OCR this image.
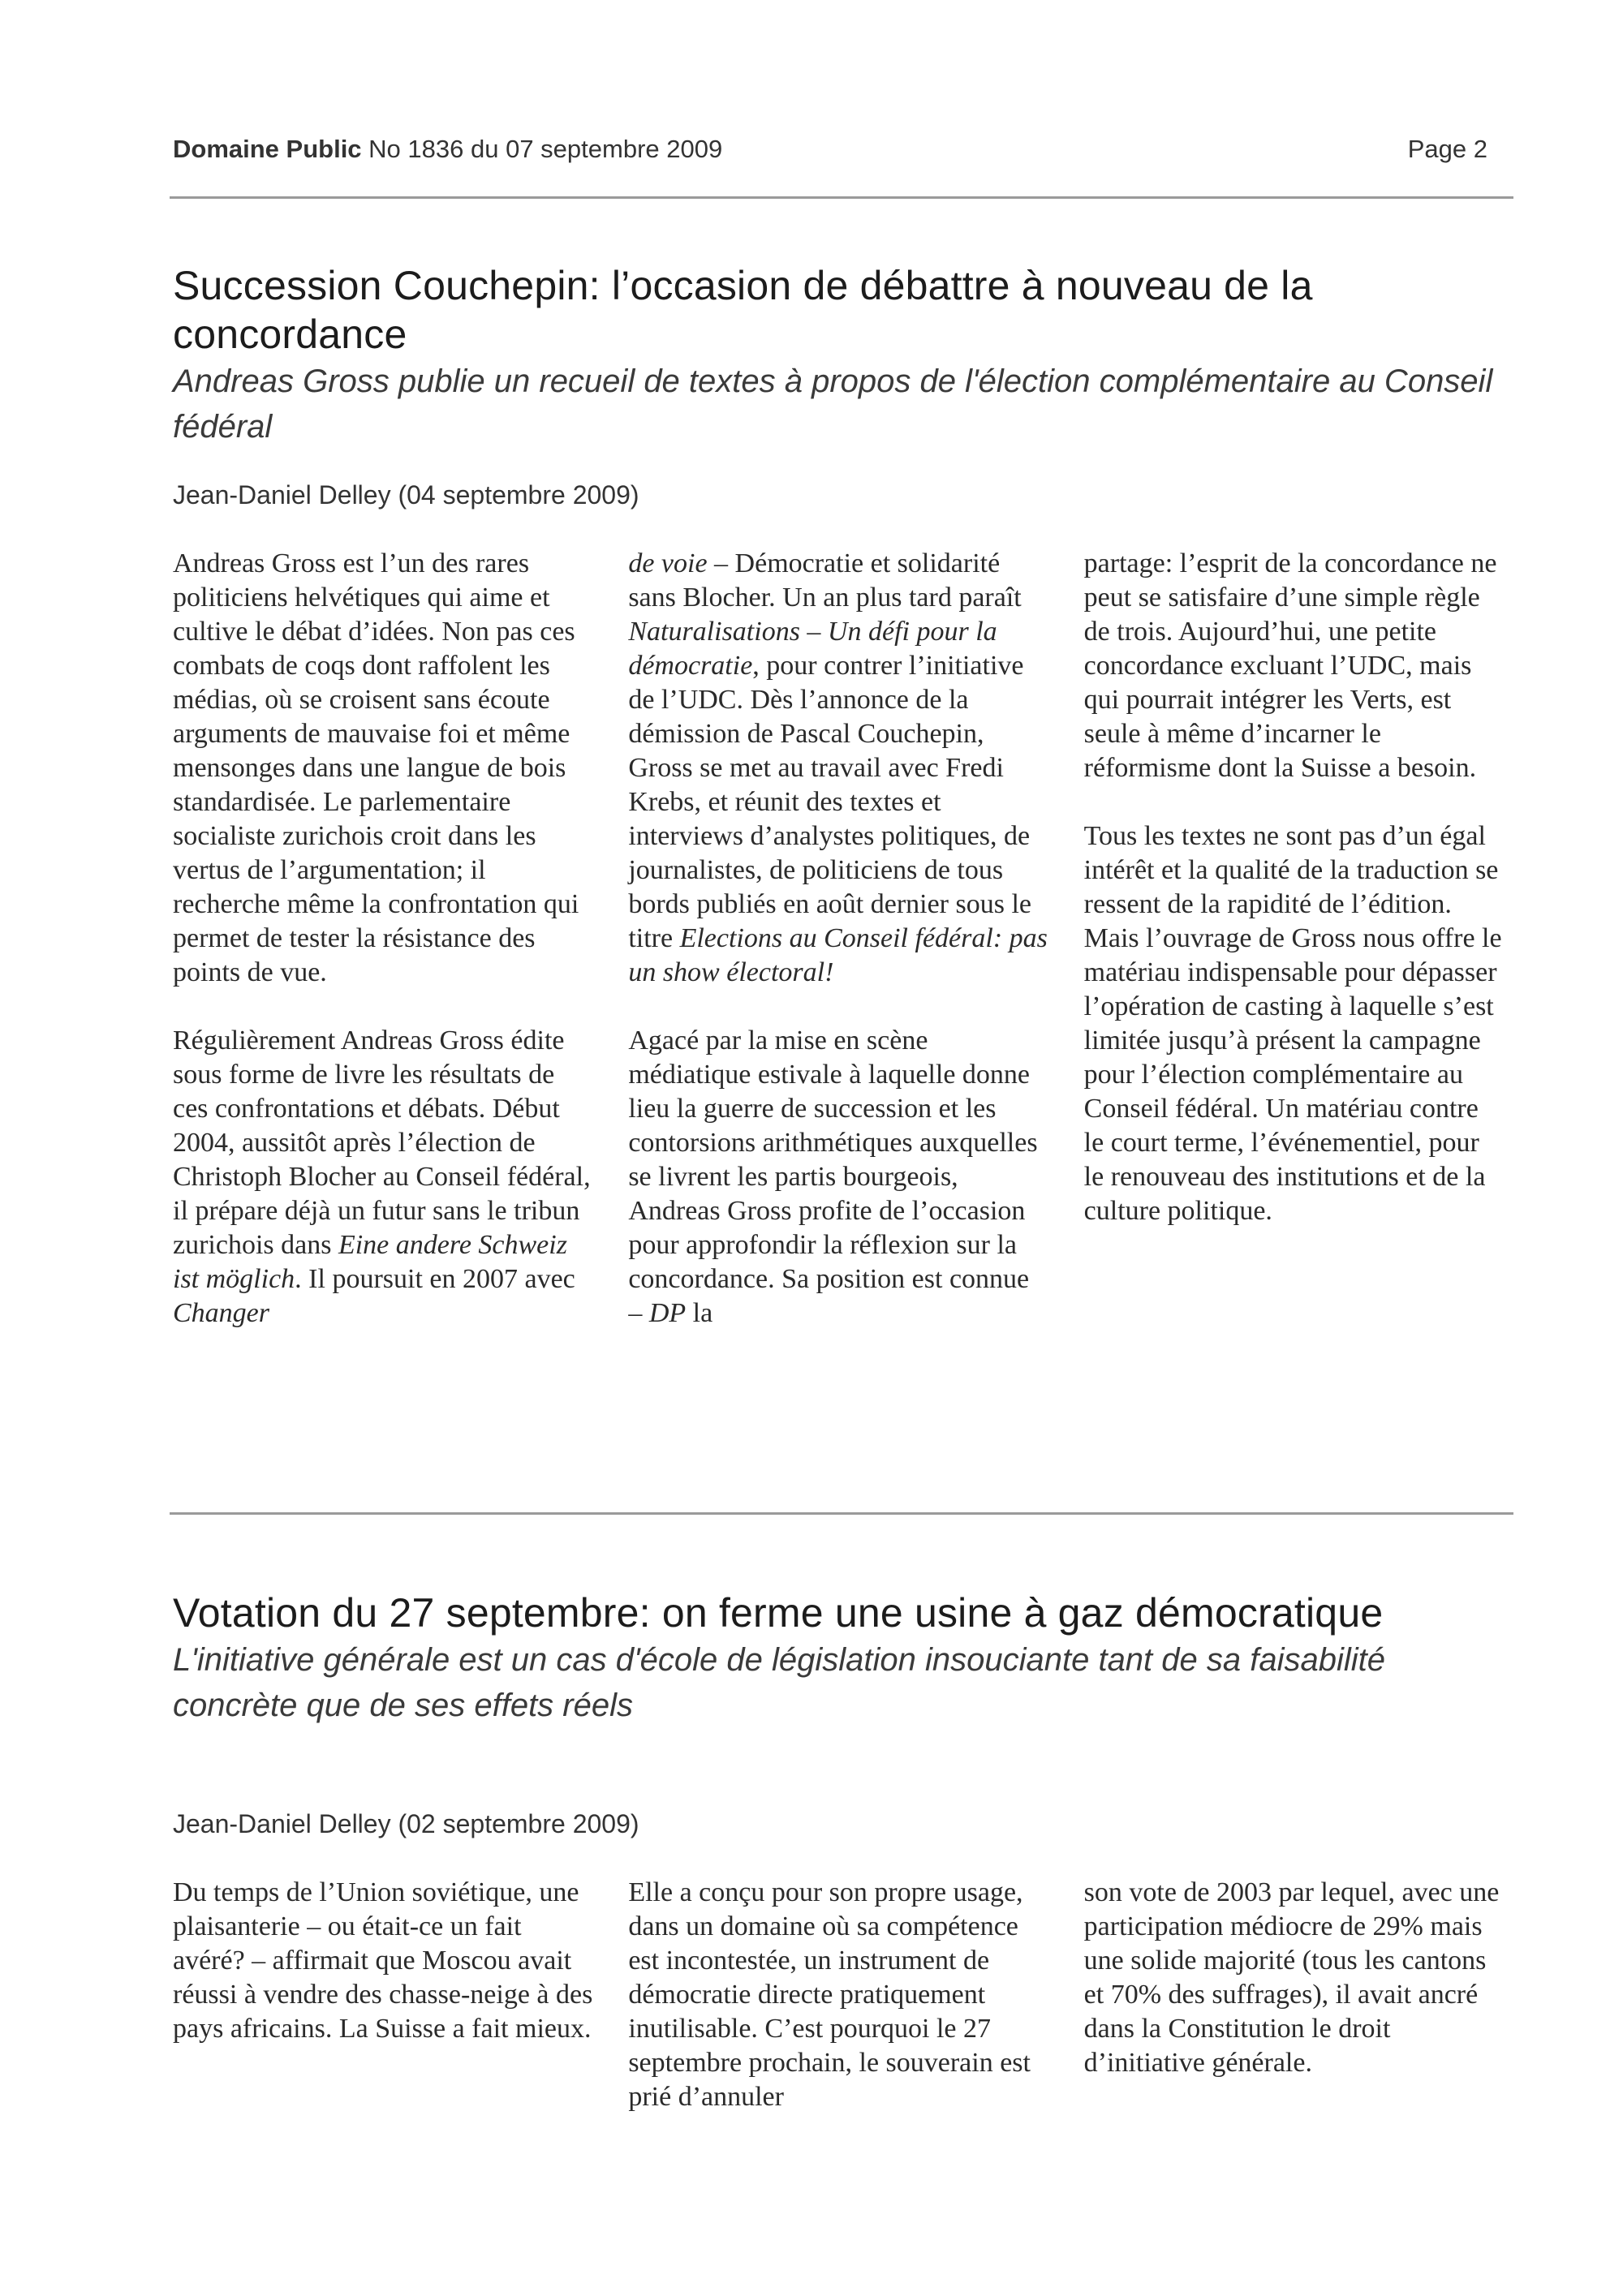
Domaine Public No 1836 du 07 septembre 2009	Page 2
Succession Couchepin: l’occasion de débattre à nouveau de la concordance

Andreas Gross publie un recueil de textes à propos de l'élection complémentaire au Conseil fédéral

Jean-Daniel Delley (04 septembre 2009)

Andreas Gross est l’un des rares politiciens helvétiques qui aime et cultive le débat d’idées. Non pas ces combats de coqs dont raffolent les médias, où se croisent sans écoute arguments de mauvaise foi et même mensonges dans une langue de bois standardisée. Le parlementaire socialiste zurichois croit dans les vertus de l’argumentation; il recherche même la confrontation qui permet de tester la résistance des points de vue.

Régulièrement Andreas Gross édite sous forme de livre les résultats de ces confrontations et débats. Début 2004, aussitôt après l’élection de Christoph Blocher au Conseil fédéral, il prépare déjà un futur sans le tribun zurichois dans Eine andere Schweiz ist möglich. Il poursuit en 2007 avec Changer

de voie – Démocratie et solidarité sans Blocher. Un an plus tard paraît Naturalisations – Un défi pour la démocratie, pour contrer l’initiative de l’UDC. Dès l’annonce de la démission de Pascal Couchepin, Gross se met au travail avec Fredi Krebs, et réunit des textes et interviews d’analystes politiques, de journalistes, de politiciens de tous bords publiés en août dernier sous le titre Elections au Conseil fédéral: pas un show électoral!

Agacé par la mise en scène médiatique estivale à laquelle donne lieu la guerre de succession et les contorsions arithmétiques auxquelles se livrent les partis bourgeois, Andreas Gross profite de l’occasion pour approfondir la réflexion sur la concordance. Sa position est connue – DP la

partage: l’esprit de la concordance ne peut se satisfaire d’une simple règle de trois. Aujourd’hui, une petite concordance excluant l’UDC, mais qui pourrait intégrer les Verts, est seule à même d’incarner le réformisme dont la Suisse a besoin.

Tous les textes ne sont pas d’un égal intérêt et la qualité de la traduction se ressent de la rapidité de l’édition. Mais l’ouvrage de Gross nous offre le matériau indispensable pour dépasser l’opération de casting à laquelle s’est limitée jusqu’à présent la campagne pour l’élection complémentaire au Conseil fédéral. Un matériau contre le court terme, l’événementiel, pour le renouveau des institutions et de la culture politique.

Votation du 27 septembre: on ferme une usine à gaz démocratique

L'initiative générale est un cas d'école de législation insouciante tant de sa faisabilité concrète que de ses effets réels

Jean-Daniel Delley (02 septembre 2009)

Du temps de l’Union soviétique, une plaisanterie – ou était-ce un fait avéré? – affirmait que Moscou avait réussi à vendre des chasse-neige à des pays africains. La Suisse a fait mieux.

Elle a conçu pour son propre usage, dans un domaine où sa compétence est incontestée, un instrument de démocratie directe pratiquement inutilisable. C’est pourquoi le 27 septembre prochain, le souverain est prié d’annuler

son vote de 2003 par lequel, avec une participation médiocre de 29% mais une solide majorité (tous les cantons et 70% des suffrages), il avait ancré dans la Constitution le droit d’initiative générale.
